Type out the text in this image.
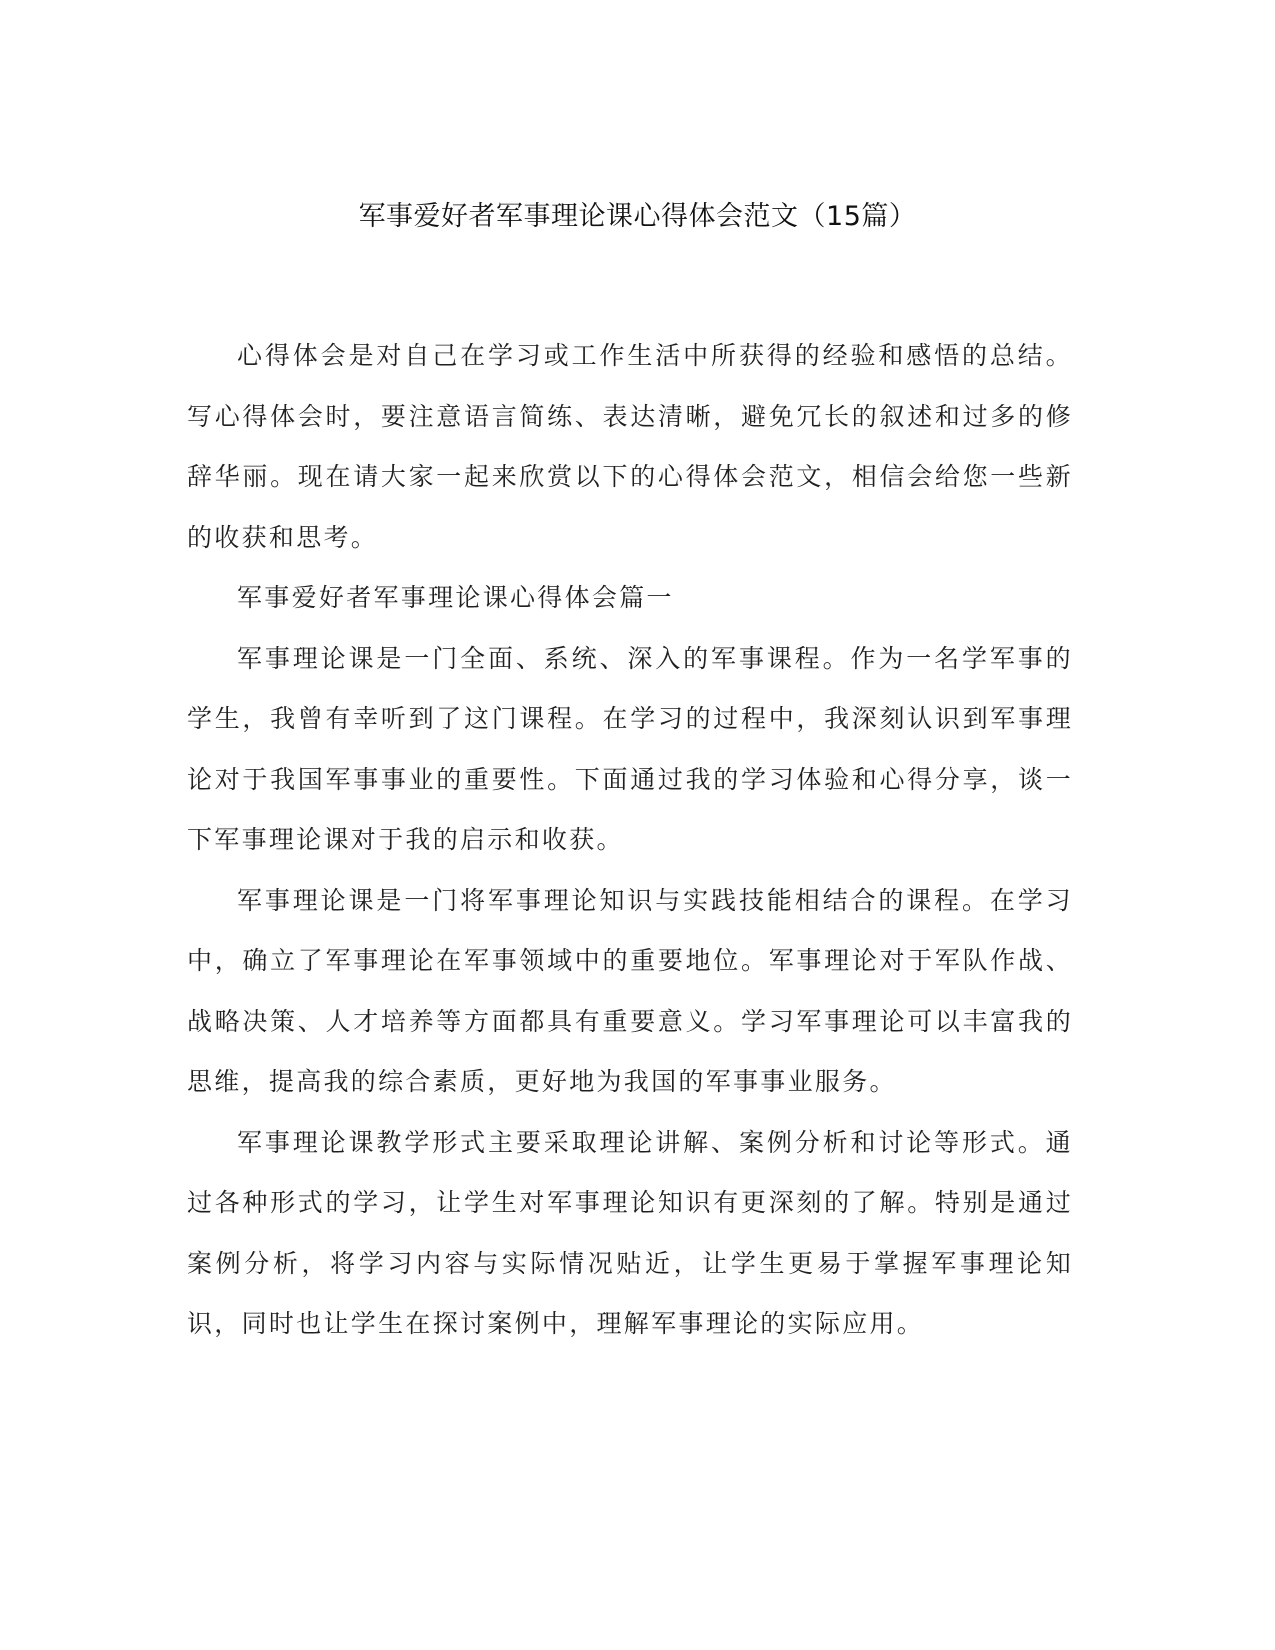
军事爱好者军事理论课心得体会范文（15篇）

心得体会是对自己在学习或工作生活中所获得的经验和感悟的总结。写心得体会时，要注意语言简练、表达清晰，避免冗长的叙述和过多的修辞华丽。现在请大家一起来欣赏以下的心得体会范文，相信会给您一些新的收获和思考。

军事爱好者军事理论课心得体会篇一

军事理论课是一门全面、系统、深入的军事课程。作为一名学军事的学生，我曾有幸听到了这门课程。在学习的过程中，我深刻认识到军事理论对于我国军事事业的重要性。下面通过我的学习体验和心得分享，谈一下军事理论课对于我的启示和收获。

军事理论课是一门将军事理论知识与实践技能相结合的课程。在学习中，确立了军事理论在军事领域中的重要地位。军事理论对于军队作战、战略决策、人才培养等方面都具有重要意义。学习军事理论可以丰富我的思维，提高我的综合素质，更好地为我国的军事事业服务。

军事理论课教学形式主要采取理论讲解、案例分析和讨论等形式。通过各种形式的学习，让学生对军事理论知识有更深刻的了解。特别是通过案例分析，将学习内容与实际情况贴近，让学生更易于掌握军事理论知识，同时也让学生在探讨案例中，理解军事理论的实际应用。
